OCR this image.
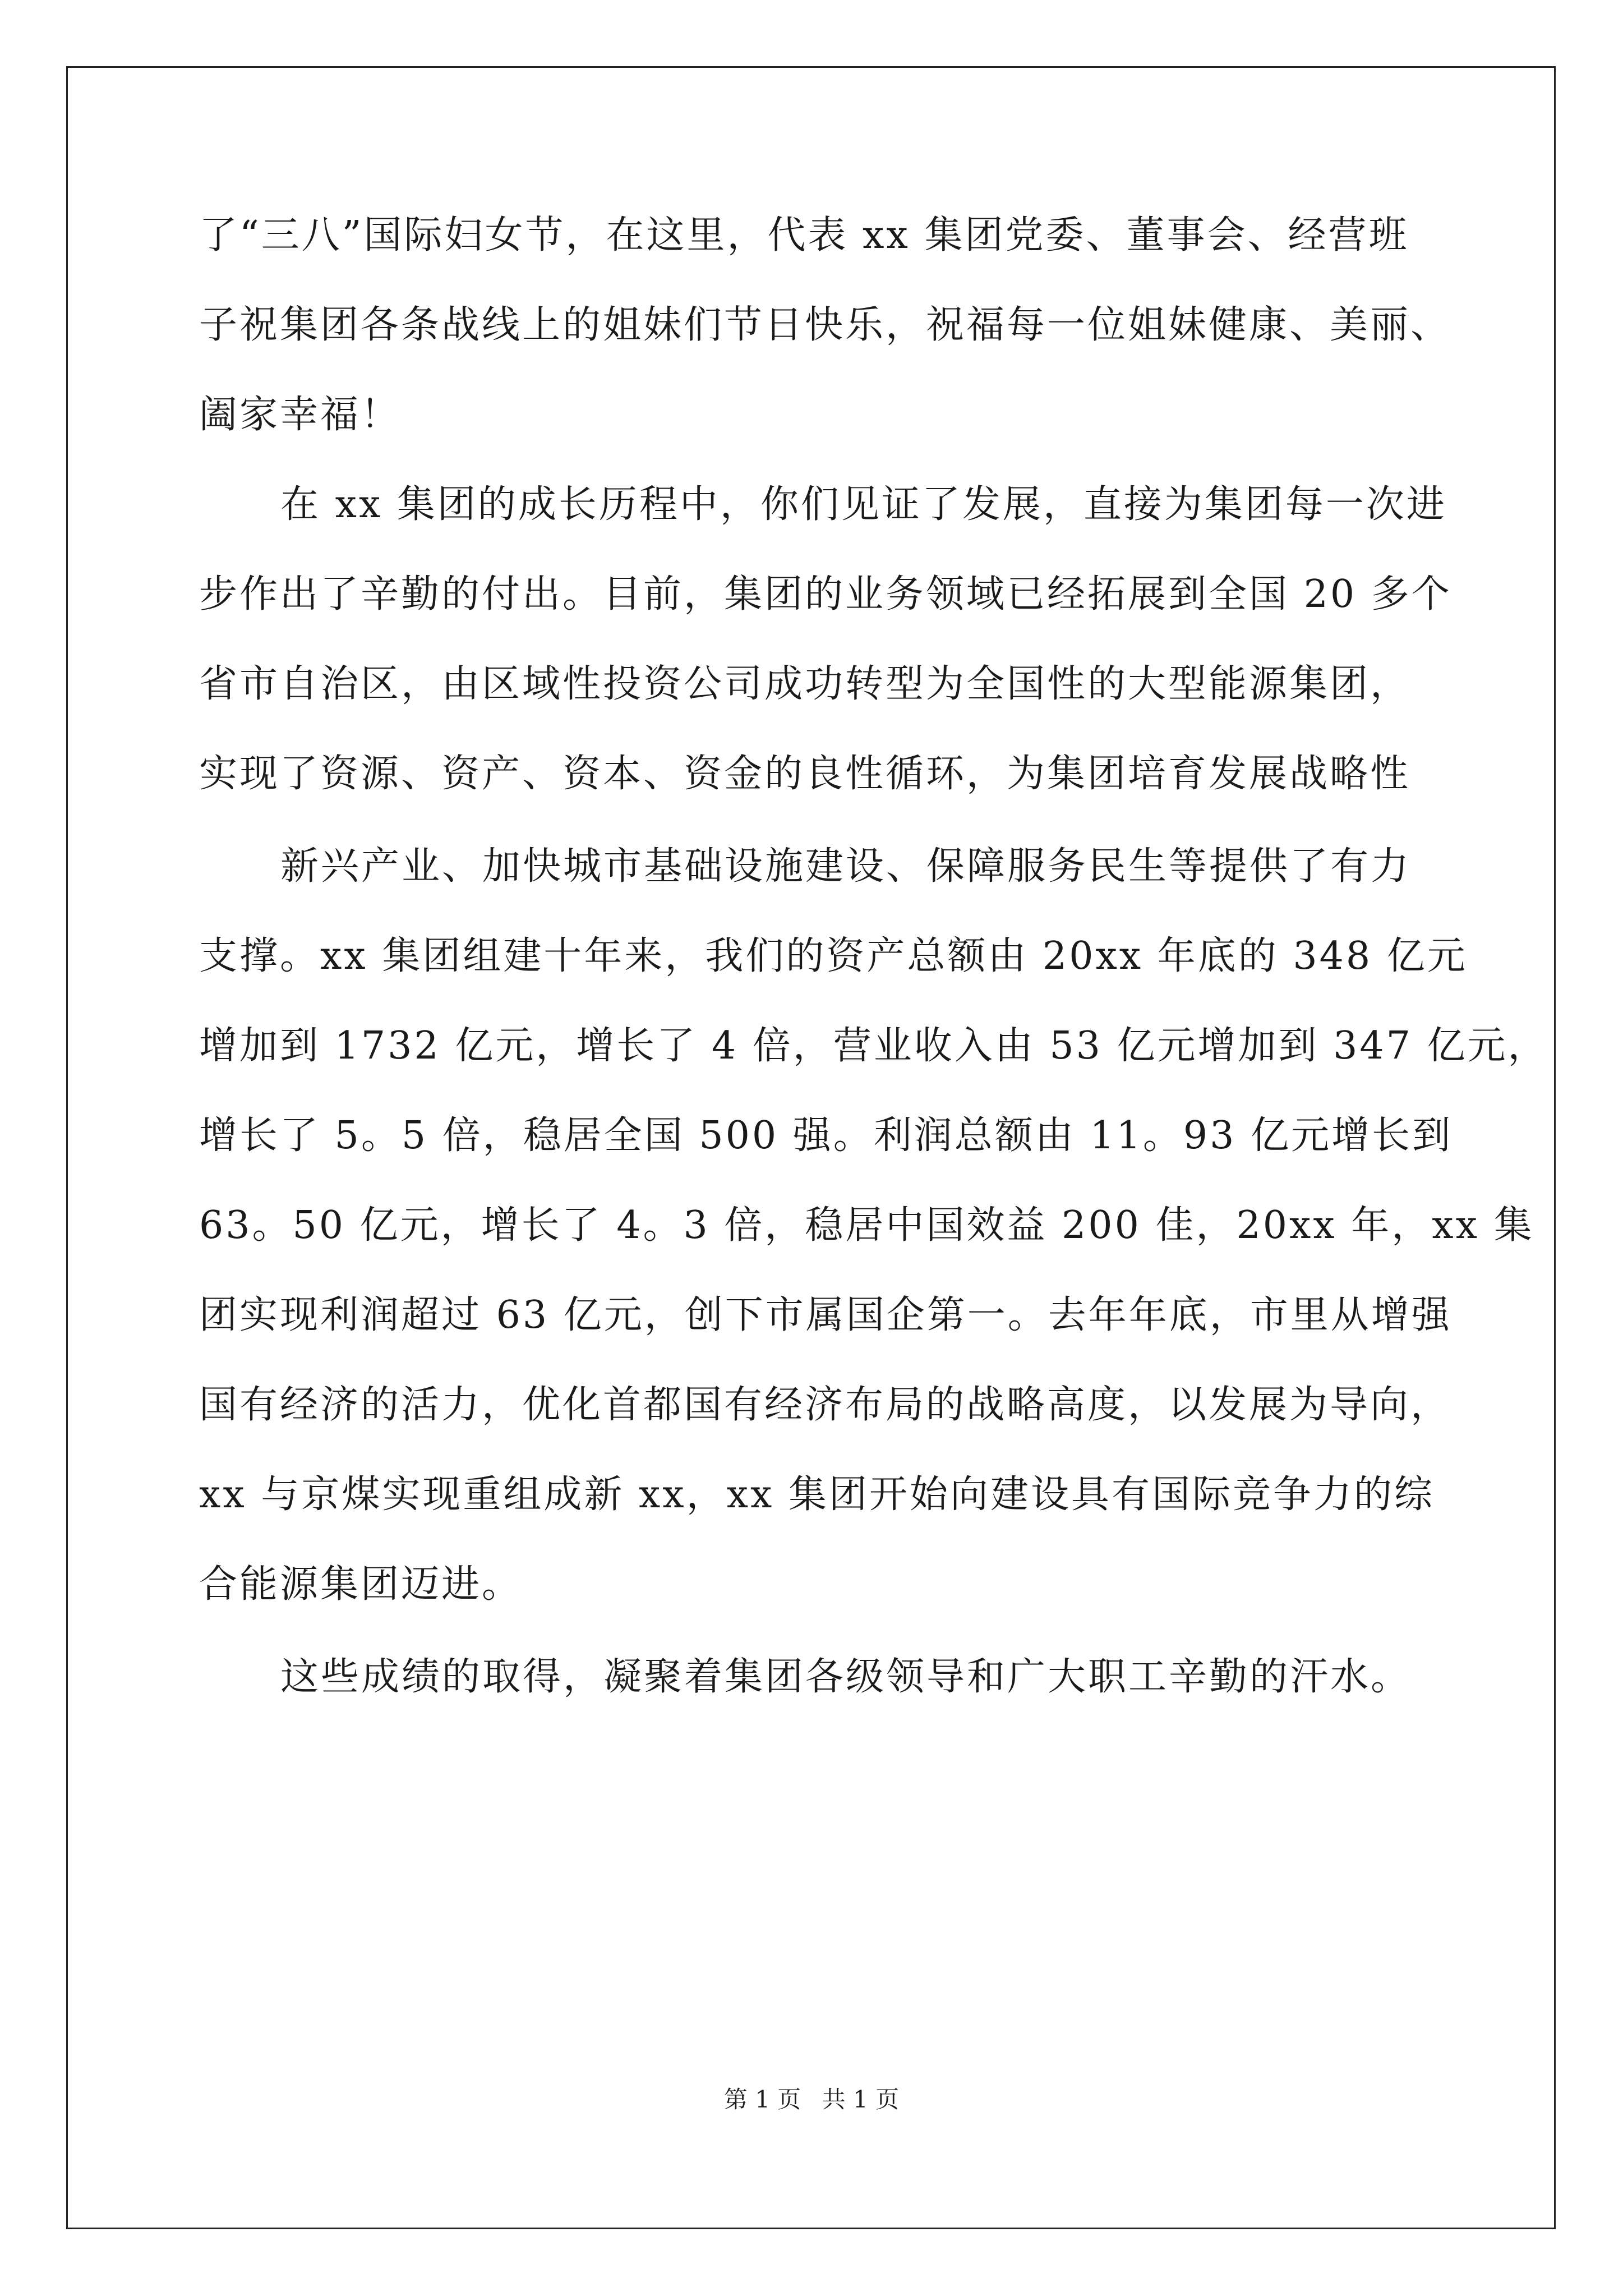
了“三八”国际妇女节，在这里，代表 xx 集团党委、董事会、经营班
子祝集团各条战线上的姐妹们节日快乐，祝福每一位姐妹健康、美丽、
阖家幸福！
在 xx 集团的成长历程中，你们见证了发展，直接为集团每一次进
步作出了辛勤的付出。目前，集团的业务领域已经拓展到全国 20 多个
省市自治区，由区域性投资公司成功转型为全国性的大型能源集团，
实现了资源、资产、资本、资金的良性循环，为集团培育发展战略性
新兴产业、加快城市基础设施建设、保障服务民生等提供了有力
支撑。xx 集团组建十年来，我们的资产总额由 20xx 年底的 348 亿元
增加到 1732 亿元，增长了 4 倍，营业收入由 53 亿元增加到 347 亿元，
增长了 5。5 倍，稳居全国 500 强。利润总额由 11。93 亿元增长到
63。50 亿元，增长了 4。3 倍，稳居中国效益 200 佳，20xx 年，xx 集
团实现利润超过 63 亿元，创下市属国企第一。去年年底，市里从增强
国有经济的活力，优化首都国有经济布局的战略高度，以发展为导向，
xx 与京煤实现重组成新 xx，xx 集团开始向建设具有国际竞争力的综
合能源集团迈进。
这些成绩的取得，凝聚着集团各级领导和广大职工辛勤的汗水。
第 1 页 共 1 页
